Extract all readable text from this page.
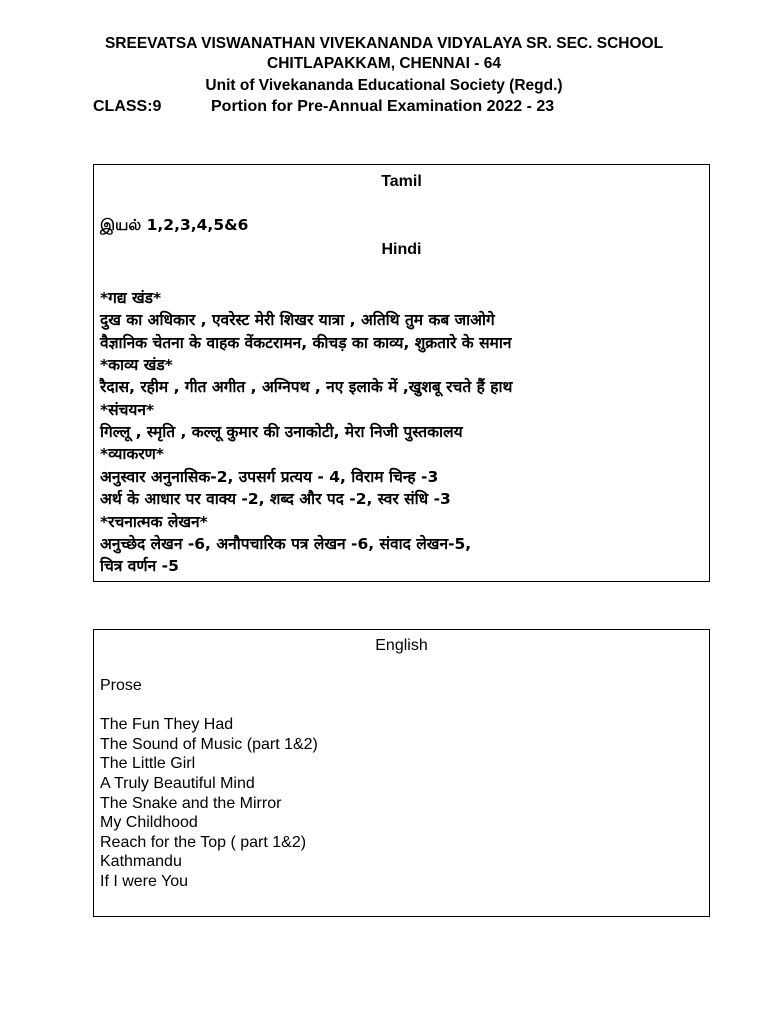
SREEVATSA VISWANATHAN VIVEKANANDA VIDYALAYA SR. SEC. SCHOOL
CHITLAPAKKAM, CHENNAI - 64
Unit of Vivekananda Educational Society (Regd.)
CLASS:9	Portion for Pre-Annual Examination 2022 - 23
Tamil
இயல் 1,2,3,4,5&6
Hindi
*गद्य खंड*
दुख का अधिकार , एवरेस्ट मेरी शिखर यात्रा , अतिथि तुम कब जाओगे
वैज्ञानिक चेतना के वाहक वेंकटरामन, कीचड़ का काव्य, शुक्रतारे के समान
*काव्य खंड*
रैदास, रहीम , गीत अगीत , अग्निपथ , नए इलाके में ,खुशबू रचते हैं हाथ
*संचयन*
गिल्लू , स्मृति , कल्लू कुमार की उनाकोटी, मेरा निजी पुस्तकालय
*व्याकरण*
अनुस्वार अनुनासिक-2, उपसर्ग प्रत्यय - 4, विराम चिन्ह -3
अर्थ के आधार पर वाक्य -2, शब्द और पद -2, स्वर संधि -3
*रचनात्मक लेखन*
अनुच्छेद लेखन -6, अनौपचारिक पत्र लेखन -6, संवाद लेखन-5,
चित्र वर्णन -5
English
Prose
The Fun They Had
The Sound of Music (part 1&2)
The Little Girl
A Truly Beautiful Mind
The Snake and the Mirror
My Childhood
Reach for the Top ( part 1&2)
Kathmandu
If I were You
